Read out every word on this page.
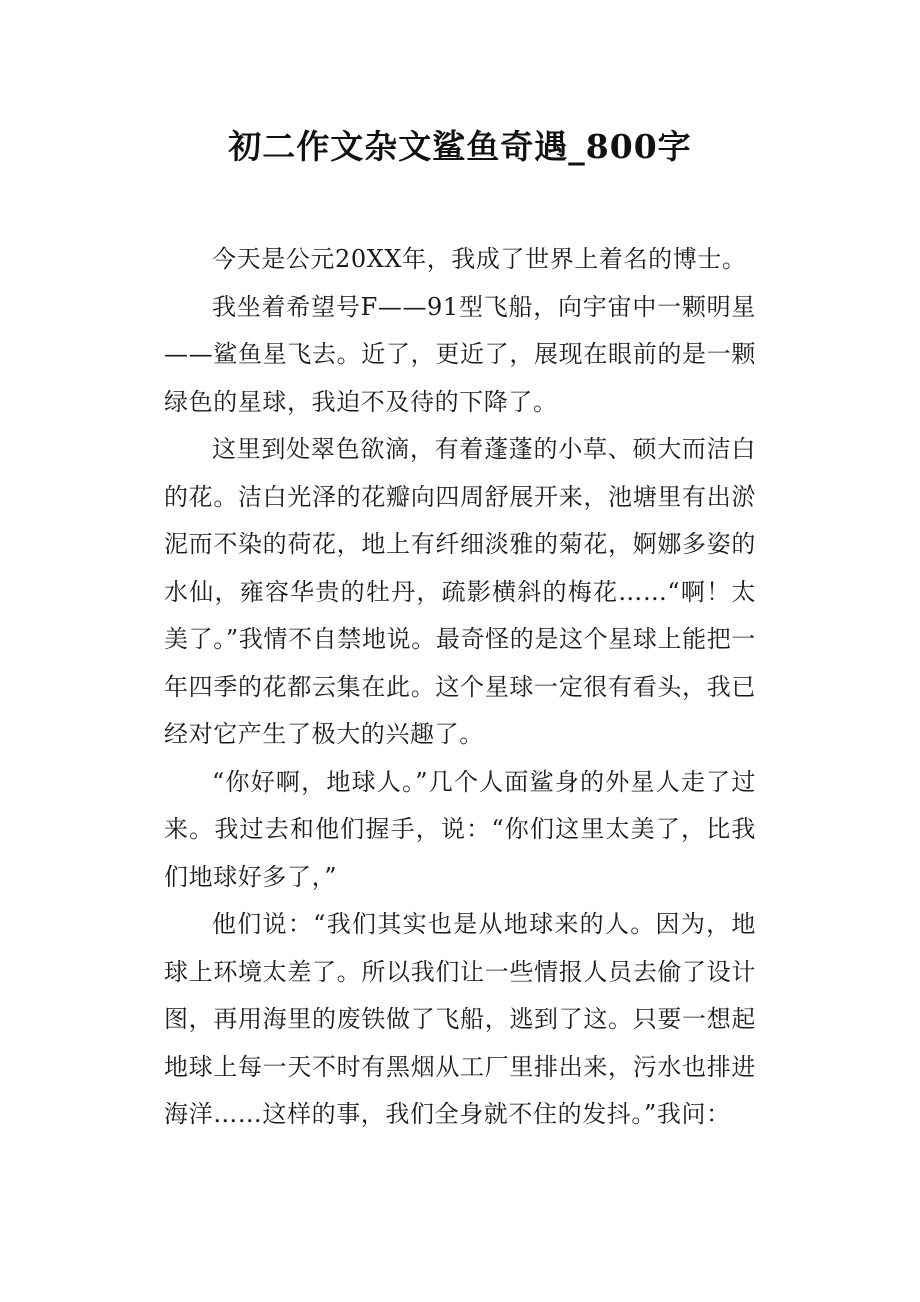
初二作文杂文鲨鱼奇遇_800字

今天是公元20XX年，我成了世界上着名的博士。

我坐着希望号F——91型飞船，向宇宙中一颗明星——鲨鱼星飞去。近了，更近了，展现在眼前的是一颗绿色的星球，我迫不及待的下降了。

这里到处翠色欲滴，有着蓬蓬的小草、硕大而洁白的花。洁白光泽的花瓣向四周舒展开来，池塘里有出淤泥而不染的荷花，地上有纤细淡雅的菊花，婀娜多姿的水仙，雍容华贵的牡丹，疏影横斜的梅花……“啊！太美了。”我情不自禁地说。最奇怪的是这个星球上能把一年四季的花都云集在此。这个星球一定很有看头，我已经对它产生了极大的兴趣了。

“你好啊，地球人。”几个人面鲨身的外星人走了过来。我过去和他们握手，说：“你们这里太美了，比我们地球好多了，”

他们说：“我们其实也是从地球来的人。因为，地球上环境太差了。所以我们让一些情报人员去偷了设计图，再用海里的废铁做了飞船，逃到了这。只要一想起地球上每一天不时有黑烟从工厂里排出来，污水也排进海洋……这样的事，我们全身就不住的发抖。”我问：
